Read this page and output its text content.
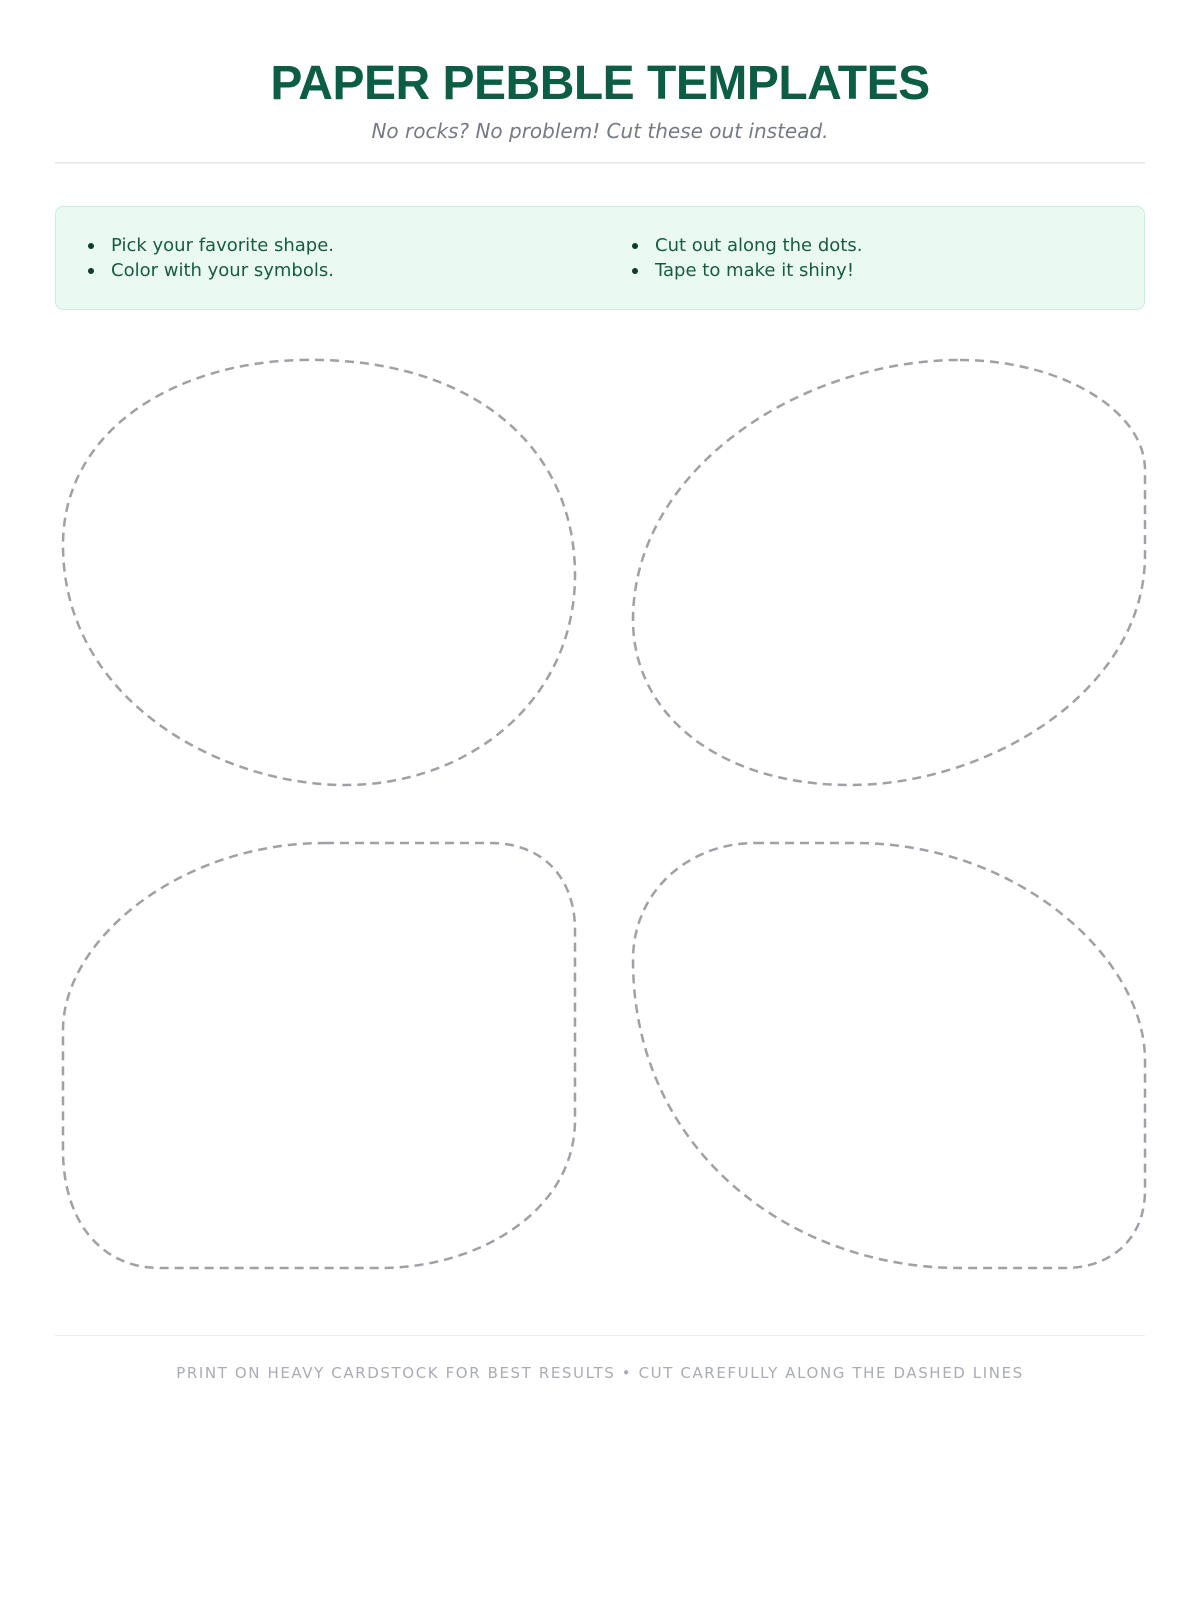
PAPER PEBBLE TEMPLATES

No rocks? No problem! Cut these out instead.

Pick your favorite shape.
Color with your symbols.
Cut out along the dots.
Tape to make it shiny!
PRINT ON HEAVY CARDSTOCK FOR BEST RESULTS • CUT CAREFULLY ALONG THE DASHED LINES
